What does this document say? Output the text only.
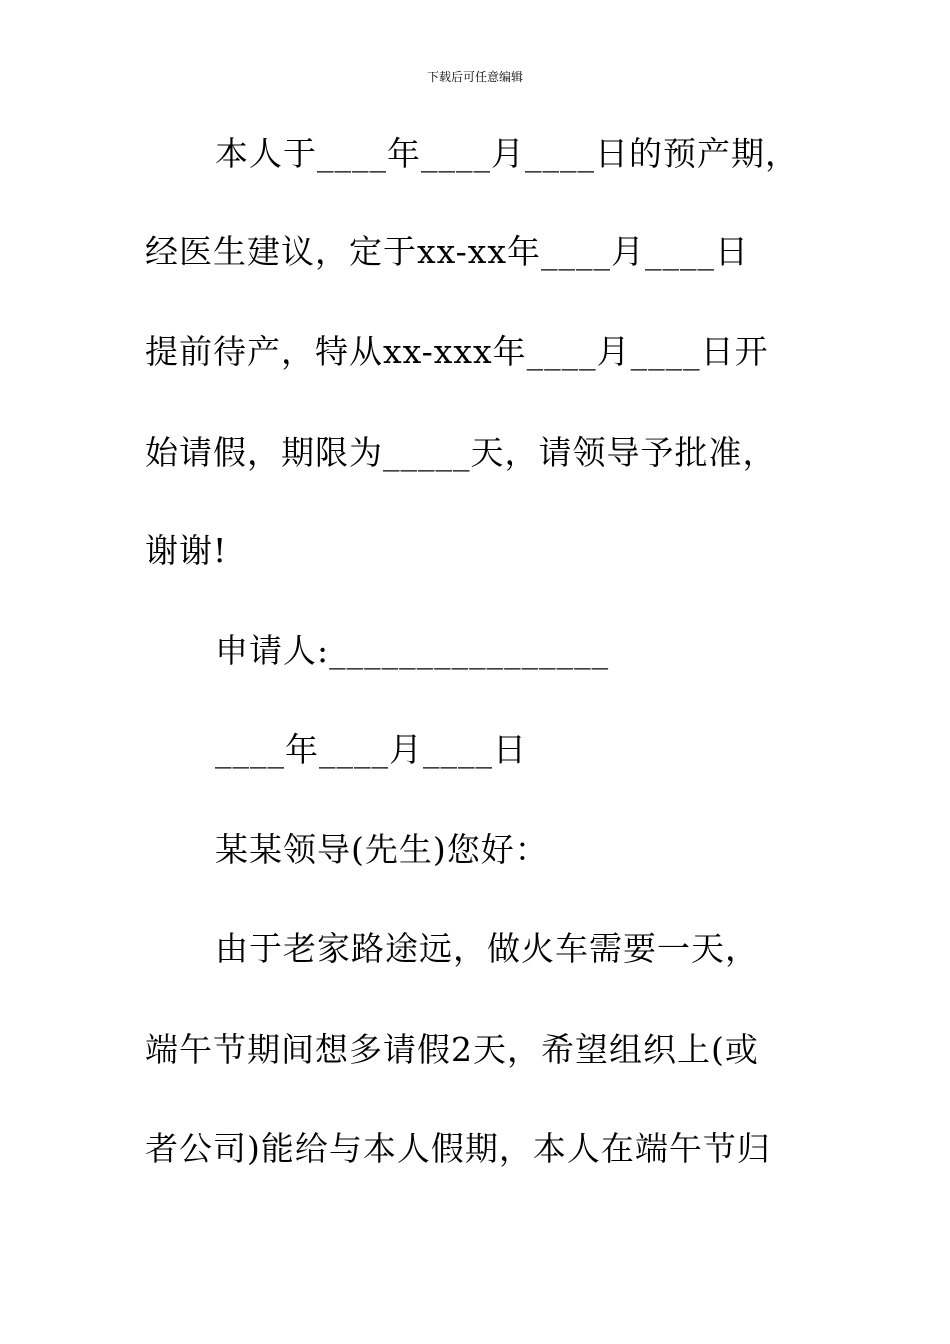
下载后可任意编辑
本人于____年____月____日的预产期，
经医生建议，定于xx-xx年____月____日
提前待产，特从xx-xxx年____月____日开
始请假，期限为_____天，请领导予批准，
谢谢!
申请人:________________
____年____月____日
某某领导(先生)您好：
由于老家路途远，做火车需要一天，
端午节期间想多请假2天，希望组织上(或
者公司)能给与本人假期，本人在端午节归
